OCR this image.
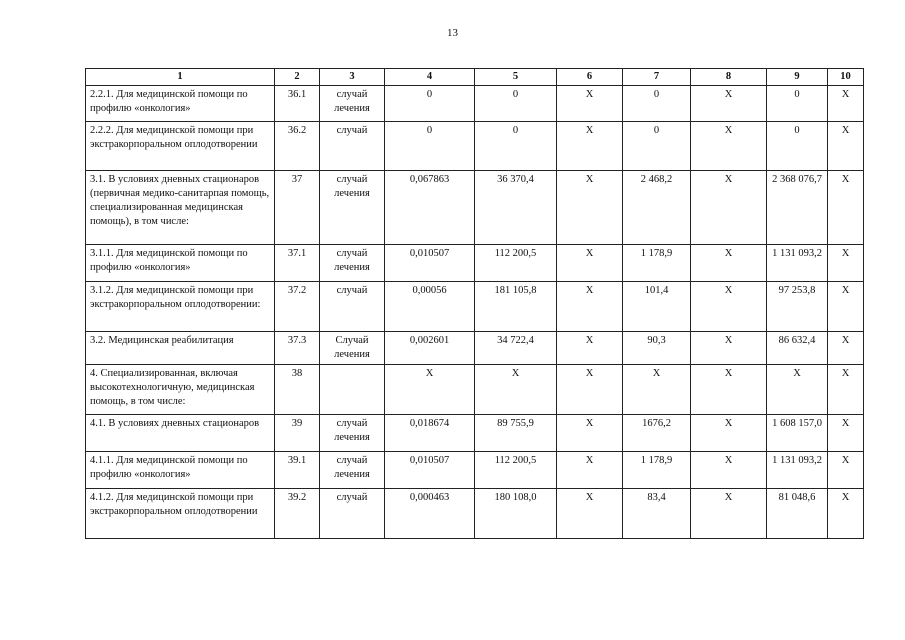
13
1	2	3	4	5	6	7	8	9	10
2.2.1. Для медицинской помощи по профилю «онкология»	36.1	случай лечения	0	0	Х	0	Х	0	Х
2.2.2. Для медицинской помощи при экстракорпоральном оплодотворении	36.2	случай	0	0	Х	0	Х	0	Х
3.1. В условиях дневных стационаров (первичная медико-санитарпая помощь, специализированная медицинская помощь), в том числе:	37	случай лечения	0,067863	36 370,4	Х	2 468,2	Х	2 368 076,7	Х
3.1.1. Для медицинской помощи по профилю «онкология»	37.1	случай лечения	0,010507	112 200,5	Х	1 178,9	Х	1 131 093,2	Х
3.1.2. Для медицинской помощи при экстракорпоральном оплодотворении:	37.2	случай	0,00056	181 105,8	Х	101,4	Х	97 253,8	Х
3.2. Медицинская реабилитация	37.3	Случай лечения	0,002601	34 722,4	Х	90,3	Х	86 632,4	Х
4. Специализированная, включая высокотехнологичную, медицинская помощь, в том числе:	38		Х	Х	Х	Х	Х	Х	Х
4.1. В условиях дневных стационаров	39	случай лечения	0,018674	89 755,9	Х	1676,2	Х	1 608 157,0	Х
4.1.1. Для медицинской помощи по профилю «онкология»	39.1	случай лечения	0,010507	112 200,5	Х	1 178,9	Х	1 131 093,2	Х
4.1.2. Для медицинской помощи при экстракорпоральном оплодотворении	39.2	случай	0,000463	180 108,0	Х	83,4	Х	81 048,6	Х
